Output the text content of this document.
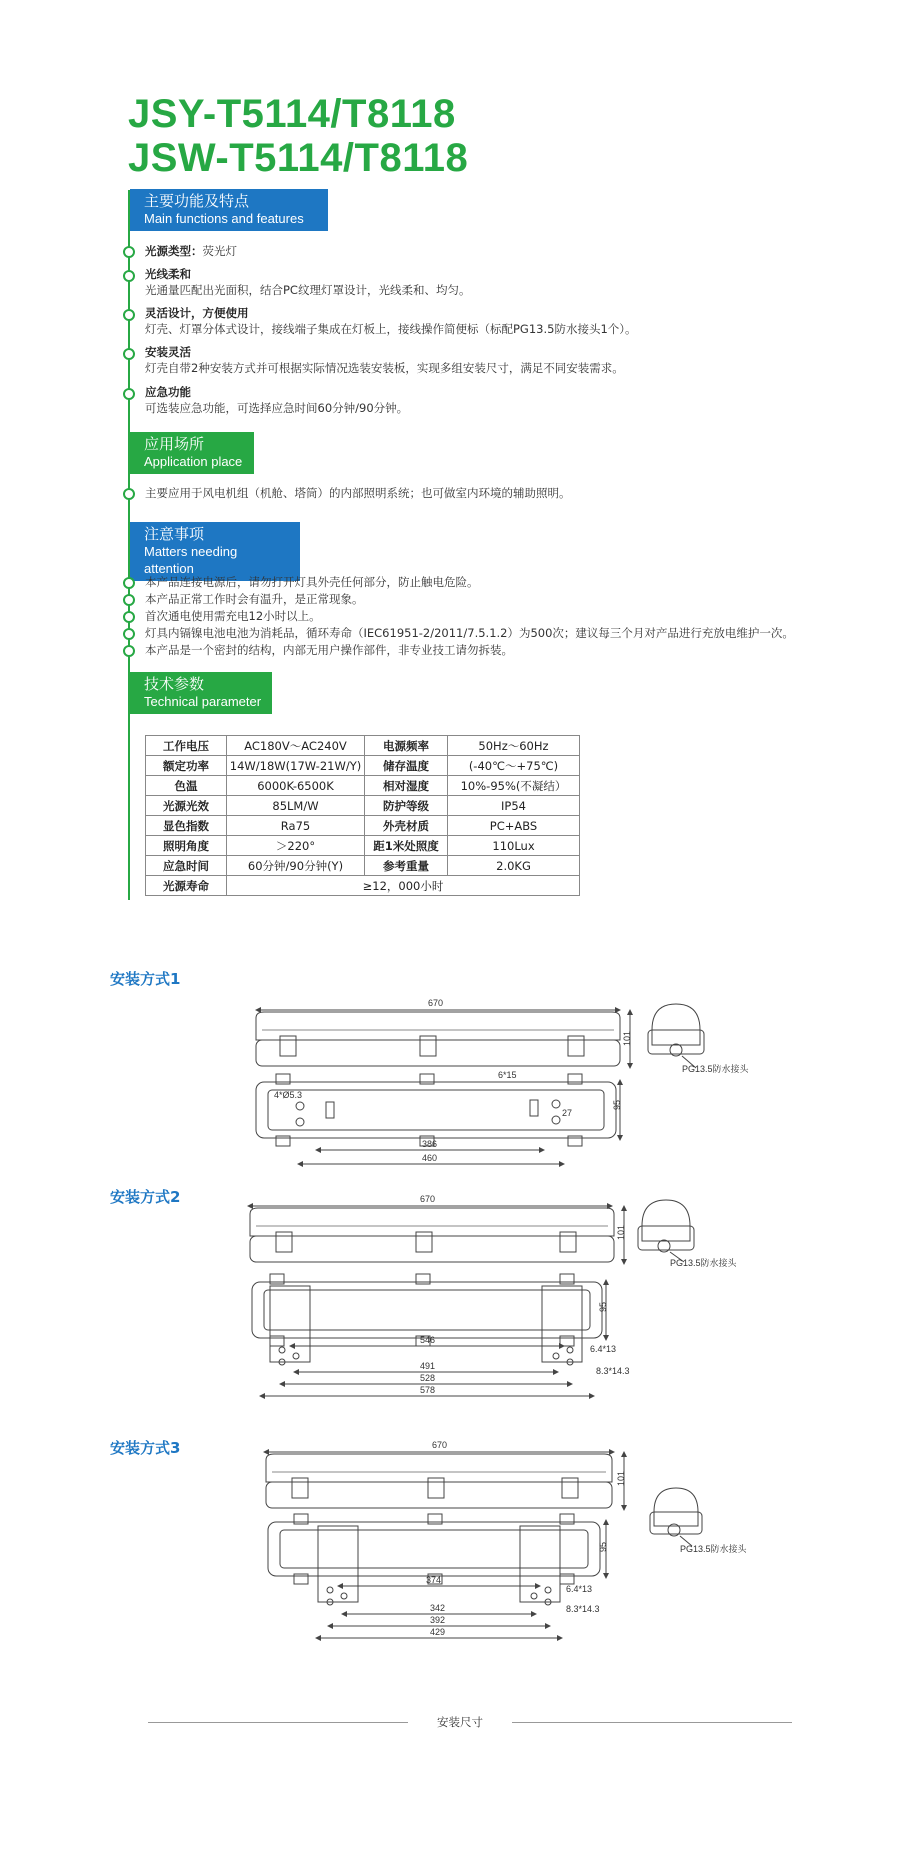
JSY-T5114/T8118
JSW-T5114/T8118
主要功能及特点
Main functions and features
光源类型：荧光灯
光线柔和
光通量匹配出光面积，结合PC纹理灯罩设计，光线柔和、均匀。
灵活设计，方便使用
灯壳、灯罩分体式设计，接线端子集成在灯板上，接线操作简便标（标配PG13.5防水接头1个）。
安装灵活
灯壳自带2种安装方式并可根据实际情况选装安装板，实现多组安装尺寸，满足不同安装需求。
应急功能
可选装应急功能，可选择应急时间60分钟/90分钟。
应用场所
Application place
主要应用于风电机组（机舱、塔筒）的内部照明系统；也可做室内环境的辅助照明。
注意事项
Matters needing attention
本产品连接电源后，请勿打开灯具外壳任何部分，防止触电危险。
本产品正常工作时会有温升，是正常现象。
首次通电使用需充电12小时以上。
灯具内镉镍电池电池为消耗品，循环寿命（IEC61951-2/2011/7.5.1.2）为500次；建议每三个月对产品进行充放电维护一次。
本产品是一个密封的结构，内部无用户操作部件，非专业技工请勿拆装。
技术参数
Technical parameter
工作电压	AC180V～AC240V	电源频率	50Hz～60Hz
额定功率	14W/18W(17W-21W/Y)	储存温度	(-40℃～+75℃)
色温	6000K-6500K	相对湿度	10%-95%(不凝结）
光源光效	85LM/W	防护等级	IP54
显色指数	Ra75	外壳材质	PC+ABS
照明角度	＞220°	距1米处照度	110Lux
应急时间	60分钟/90分钟(Y)	参考重量	2.0KG
光源寿命	≥12，000小时		
安装方式1
安装方式2
安装方式3
670
101
PG13.5防水接头
4*Ø5.3
6*15
27
95
386
460
670
101
PG13.5防水接头
95
546
6.4*13
8.3*14.3
491
528
578
670
101
PG13.5防水接头
95
374
6.4*13
8.3*14.3
342
392
429
安装尺寸
